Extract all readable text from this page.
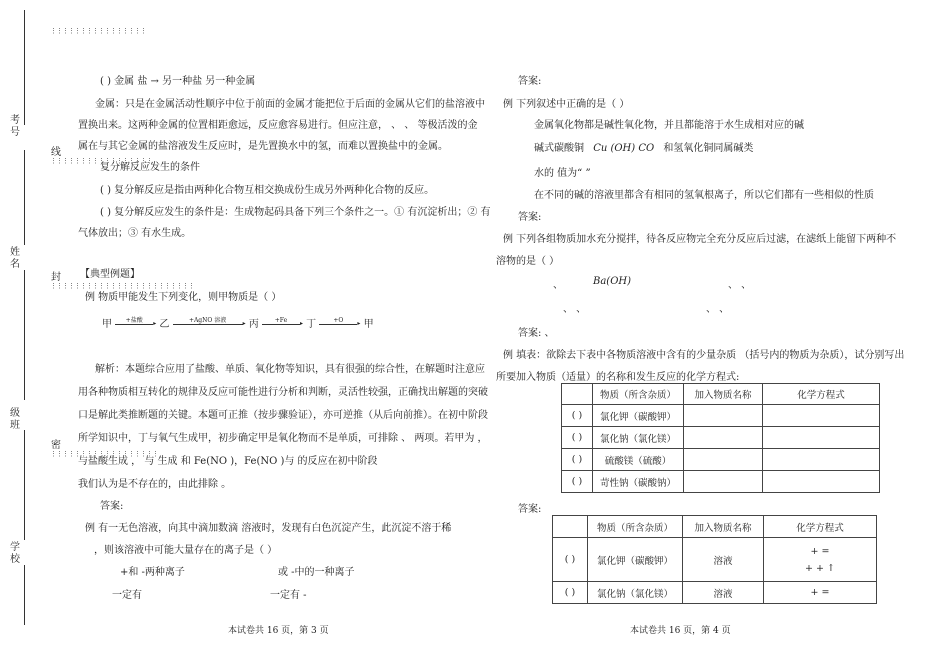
考号
姓名
级班
学校
⋮⋮⋮⋮⋮⋮⋮⋮⋮⋮⋮⋮⋮⋮⋮⋮
线
⋮⋮⋮⋮⋮⋮⋮⋮⋮⋮⋮⋮⋮⋮⋮⋮⋮
封
⋮⋮⋮⋮⋮⋮⋮⋮⋮⋮⋮⋮⋮⋮⋮⋮⋮⋮⋮⋮⋮⋮⋮⋮
密
⋮⋮⋮⋮⋮⋮⋮⋮⋮⋮⋮⋮⋮⋮⋮⋮⋮⋮
( ) 金属 盐 → 另一种盐 另一种金属
金属：只是在金属活动性顺序中位于前面的金属才能把位于后面的金属从它们的盐溶液中
置换出来。这两种金属的位置相距愈远，反应愈容易进行。但应注意， 、 、 等极活泼的金
属在与其它金属的盐溶液发生反应时，是先置换水中的氢，而难以置换盐中的金属。
复分解反应发生的条件
( ) 复分解反应是指由两种化合物互相交换成份生成另外两种化合物的反应。
( ) 复分解反应发生的条件是：生成物起码具备下列三个条件之一。① 有沉淀析出；② 有
气体放出；③ 有水生成。
【典型例题】
例 物质甲能发生下列变化，则甲物质是（ ）
甲 +盐酸 ▸ 乙	+AgNO 溶液	▸ 丙	+Fe ▸ 丁	+O ▸ 甲
解析：本题综合应用了盐酸、单质、氧化物等知识，具有很强的综合性，在解题时注意应
用各种物质相互转化的规律及反应可能性进行分析和判断，灵活性较强，正确找出解题的突破
口是解此类推断题的关键。本题可正推（按步骤验证），亦可逆推（从后向前推）。在初中阶段
所学知识中，丁与氧气生成甲，初步确定甲是氧化物而不是单质，可排除 、 两项。若甲为 ，
与盐酸生成 ， 与 生成 和 Fe(NO )，Fe(NO )与 的反应在初中阶段
我们认为是不存在的，由此排除 。
答案:
例 有一无色溶液，向其中滴加数滴 溶液时，发现有白色沉淀产生，此沉淀不溶于稀
，则该溶液中可能大量存在的离子是（ ）
+和 -两种离子	或 -中的一种离子
一定有	一定有 -
本试卷共 16 页，第 3 页
答案:
例 下列叙述中正确的是（ ）
金属氧化物都是碱性氧化物，并且都能溶于水生成相对应的碱
碱式碳酸铜 Cu (OH) CO 和氢氧化铜同属碱类
水的 值为“ ”
在不同的碱的溶液里都含有相同的氢氧根离子，所以它们都有一些相似的性质
答案:
例 下列各组物质加水充分搅拌，待各反应物完全充分反应后过滤，在滤纸上能留下两种不
溶物的是（ ）
、	Ba(OH)	、 、
、 、	、 、
答案: 、
例 填表：欲除去下表中各物质溶液中含有的少量杂质 （括号内的物质为杂质），试分别写出
所要加入物质（适量）的名称和发生反应的化学方程式:
	物质（所含杂质）	加入物质名称	化学方程式
( )	氯化钾（碳酸钾）		
( )	氯化钠（氯化镁）		
( )	硫酸镁（硫酸）		
( )	苛性钠（碳酸钠）		
答案:
	物质（所含杂质）	加入物质名称	化学方程式
( )	氯化钾（碳酸钾）	溶液	+ =
+ + ↑

( )	氯化钠（氯化镁）	溶液	+ =
本试卷共 16 页，第 4 页
